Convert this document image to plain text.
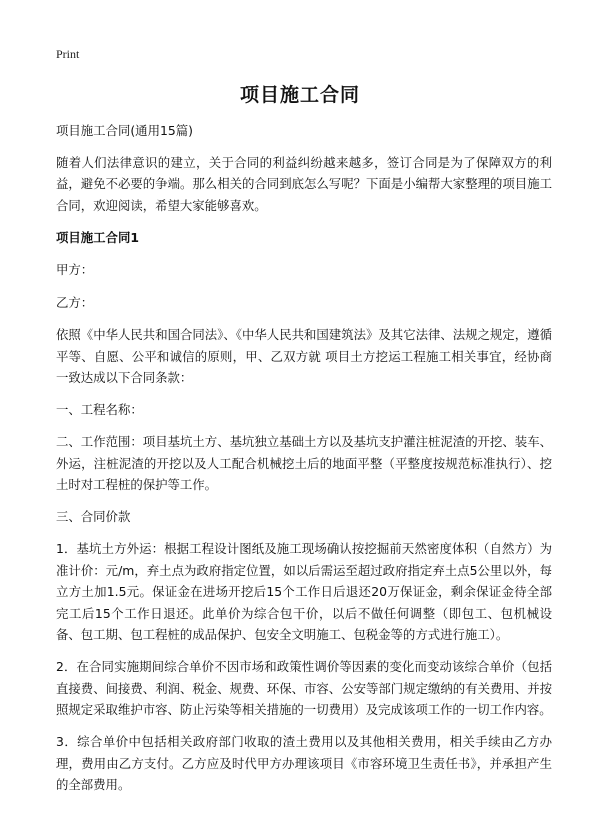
Print
项目施工合同

项目施工合同(通用15篇)

随着人们法律意识的建立，关于合同的利益纠纷越来越多，签订合同是为了保障双方的利益，避免不必要的争端。那么相关的合同到底怎么写呢？下面是小编帮大家整理的项目施工合同，欢迎阅读，希望大家能够喜欢。

项目施工合同1

甲方：

乙方：

依照《中华人民共和国合同法》、《中华人民共和国建筑法》及其它法律、法规之规定，遵循平等、自愿、公平和诚信的原则，甲、乙双方就 项目土方挖运工程施工相关事宜，经协商一致达成以下合同条款：

一、工程名称：

二、工作范围：项目基坑土方、基坑独立基础土方以及基坑支护灌注桩泥渣的开挖、装车、外运，注桩泥渣的开挖以及人工配合机械挖土后的地面平整（平整度按规范标准执行）、挖土时对工程桩的保护等工作。

三、合同价款

1．基坑土方外运：根据工程设计图纸及施工现场确认按挖掘前天然密度体积（自然方）为准计价：元/m，弃土点为政府指定位置，如以后需运至超过政府指定弃土点5公里以外，每立方土加1.5元。保证金在进场开挖后15个工作日后退还20万保证金，剩余保证金待全部完工后15个工作日退还。此单价为综合包干价，以后不做任何调整（即包工、包机械设备、包工期、包工程桩的成品保护、包安全文明施工、包税金等的方式进行施工）。

2．在合同实施期间综合单价不因市场和政策性调价等因素的变化而变动该综合单价（包括直接费、间接费、利润、税金、规费、环保、市容、公安等部门规定缴纳的有关费用、并按照规定采取维护市容、防止污染等相关措施的一切费用）及完成该项工作的一切工作内容。

3．综合单价中包括相关政府部门收取的渣土费用以及其他相关费用，相关手续由乙方办理，费用由乙方支付。乙方应及时代甲方办理该项目《市容环境卫生责任书》，并承担产生的全部费用。
